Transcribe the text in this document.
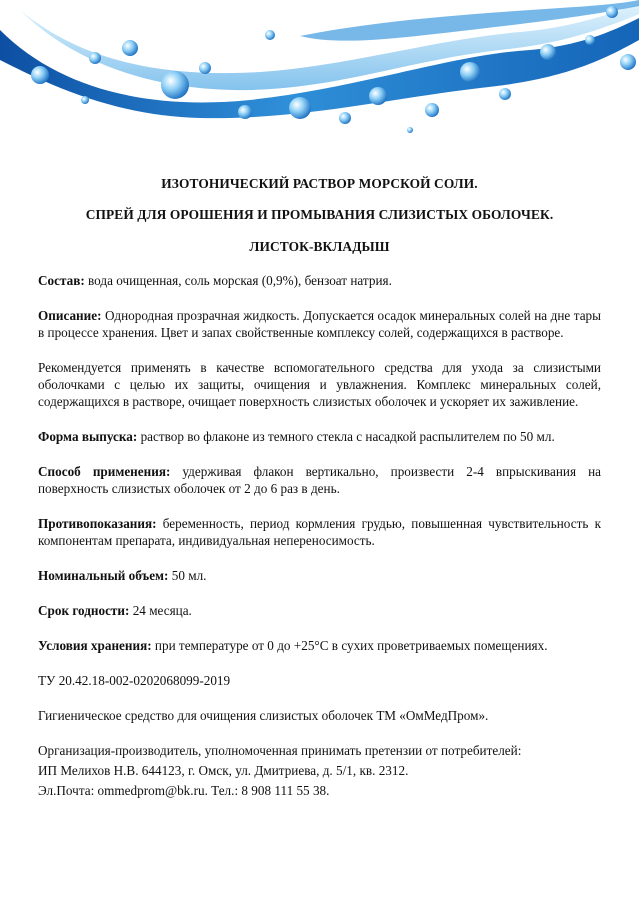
ИЗОТОНИЧЕСКИЙ РАСТВОР МОРСКОЙ СОЛИ.
СПРЕЙ ДЛЯ ОРОШЕНИЯ И ПРОМЫВАНИЯ СЛИЗИСТЫХ ОБОЛОЧЕК.
ЛИСТОК-ВКЛАДЫШ

Состав: вода очищенная, соль морская (0,9%), бензоат натрия.

Описание: Однородная прозрачная жидкость. Допускается осадок минеральных солей на дне тары в процессе хранения. Цвет и запах свойственные комплексу солей, содержащихся в растворе.

Рекомендуется применять в качестве вспомогательного средства для ухода за слизистыми оболочками с целью их защиты, очищения и увлажнения. Комплекс минеральных солей, содержащихся в растворе, очищает поверхность слизистых оболочек и ускоряет их заживление.

Форма выпуска: раствор во флаконе из темного стекла с насадкой распылителем по 50 мл.

Способ применения: удерживая флакон вертикально, произвести 2-4 впрыскивания на поверхность слизистых оболочек от 2 до 6 раз в день.

Противопоказания: беременность, период кормления грудью, повышенная чувствительность к компонентам препарата, индивидуальная непереносимость.

Номинальный объем: 50 мл.

Срок годности: 24 месяца.

Условия хранения: при температуре от 0 до +25°С в сухих проветриваемых помещениях.

ТУ 20.42.18-002-0202068099-2019

Гигиеническое средство для очищения слизистых оболочек ТМ «ОмМедПром».

Организация-производитель, уполномоченная принимать претензии от потребителей:

ИП Мелихов Н.В. 644123, г. Омск, ул. Дмитриева, д. 5/1, кв. 2312.

Эл.Почта: ommedprom@bk.ru. Тел.: 8 908 111 55 38.
